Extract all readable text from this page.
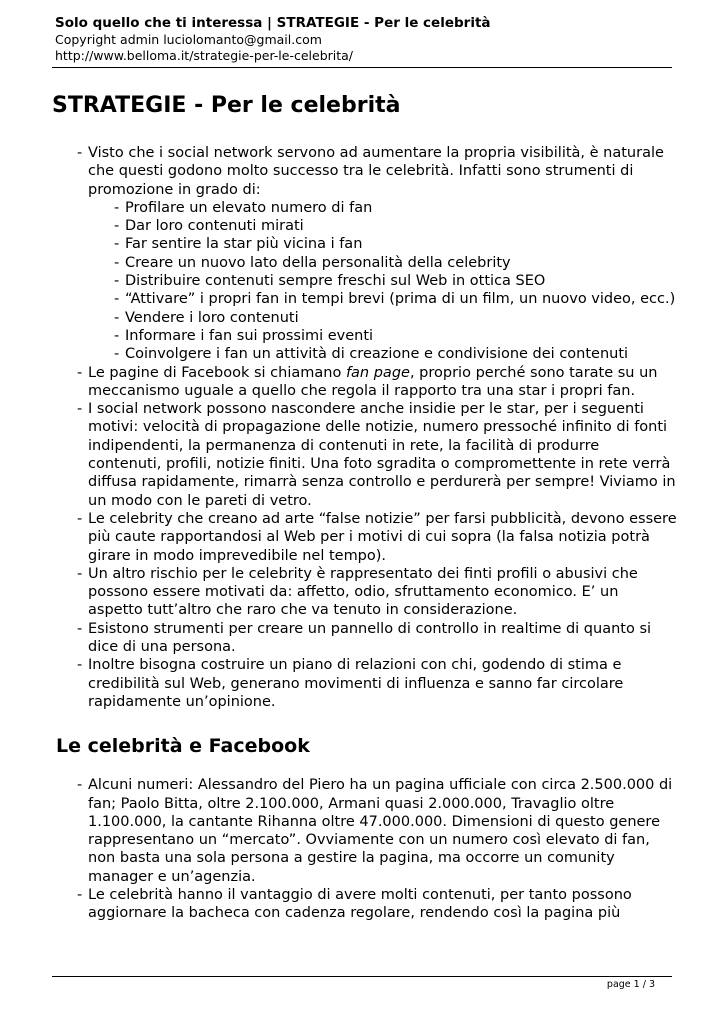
Solo quello che ti interessa | STRATEGIE - Per le celebrità
Copyright admin luciolomanto@gmail.com
http://www.belloma.it/strategie-per-le-celebrita/
STRATEGIE - Per le celebrità
- Visto che i social network servono ad aumentare la propria visibilità, è naturale che questi godono molto successo tra le celebrità. Infatti sono strumenti di promozione in grado di:
- Profilare un elevato numero di fan
- Dar loro contenuti mirati
- Far sentire la star più vicina i fan
- Creare un nuovo lato della personalità della celebrity
- Distribuire contenuti sempre freschi sul Web in ottica SEO
- “Attivare” i propri fan in tempi brevi (prima di un film, un nuovo video, ecc.)
- Vendere i loro contenuti
- Informare i fan sui prossimi eventi
- Coinvolgere i fan un attività di creazione e condivisione dei contenuti
- Le pagine di Facebook si chiamano fan page, proprio perché sono tarate su un meccanismo uguale a quello che regola il rapporto tra una star i propri fan.
- I social network possono nascondere anche insidie per le star, per i seguenti motivi: velocità di propagazione delle notizie, numero pressoché infinito di fonti indipendenti, la permanenza di contenuti in rete, la facilità di produrre contenuti, profili, notizie finiti. Una foto sgradita o compromettente in rete verrà diffusa rapidamente, rimarrà senza controllo e perdurerà per sempre! Viviamo in un modo con le pareti di vetro.
- Le celebrity che creano ad arte “false notizie” per farsi pubblicità, devono essere più caute rapportandosi al Web per i motivi di cui sopra (la falsa notizia potrà girare in modo imprevedibile nel tempo).
- Un altro rischio per le celebrity è rappresentato dei finti profili o abusivi che possono essere motivati da: affetto, odio, sfruttamento economico. E’ un aspetto tutt’altro che raro che va tenuto in considerazione.
- Esistono strumenti per creare un pannello di controllo in realtime di quanto si dice di una persona.
- Inoltre bisogna costruire un piano di relazioni con chi, godendo di stima e credibilità sul Web, generano movimenti di influenza e sanno far circolare rapidamente un’opinione.
Le celebrità e Facebook
- Alcuni numeri: Alessandro del Piero ha un pagina ufficiale con circa 2.500.000 di fan; Paolo Bitta, oltre 2.100.000, Armani quasi 2.000.000, Travaglio oltre 1.100.000, la cantante Rihanna oltre 47.000.000. Dimensioni di questo genere rappresentano un “mercato”. Ovviamente con un numero così elevato di fan, non basta una sola persona a gestire la pagina, ma occorre un comunity manager e un’agenzia.
- Le celebrità hanno il vantaggio di avere molti contenuti, per tanto possono aggiornare la bacheca con cadenza regolare, rendendo così la pagina più
page 1 / 3
